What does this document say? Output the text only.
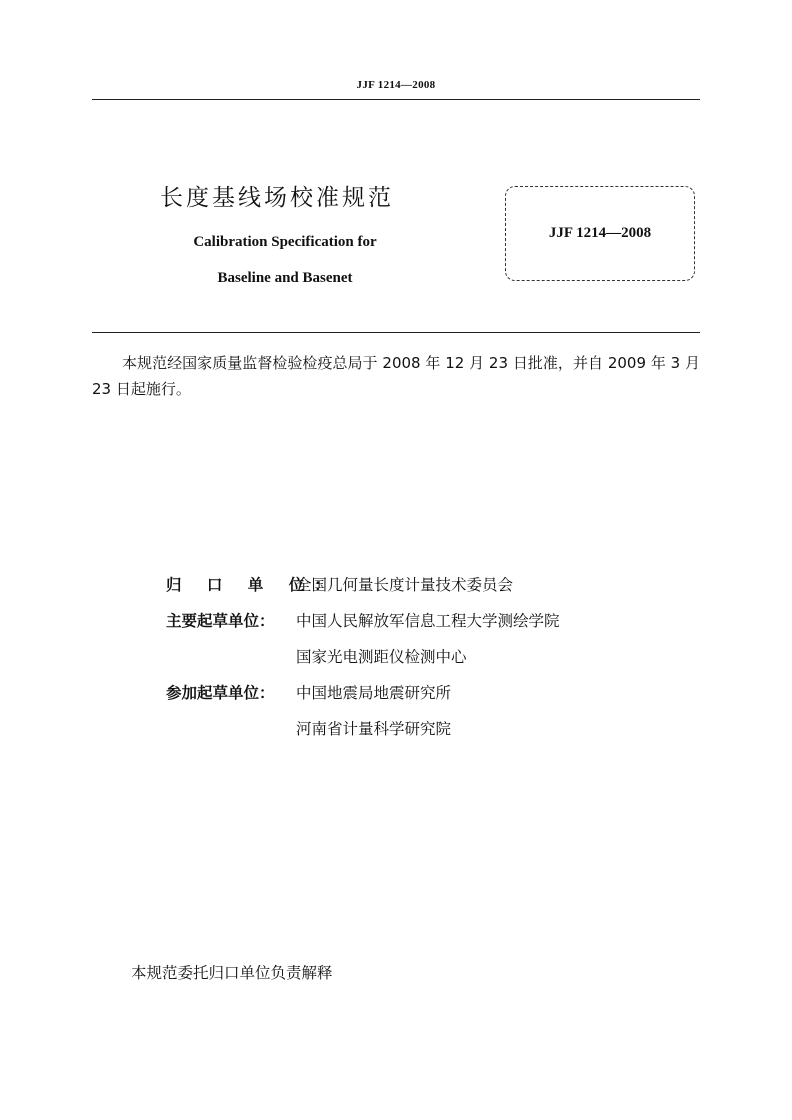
JJF 1214—2008
长度基线场校准规范
Calibration Specification for
Baseline and Basenet
JJF 1214—2008
本规范经国家质量监督检验检疫总局于 2008 年 12 月 23 日批准，并自 2009 年 3 月 23 日起施行。
归 口 单 位：
全国几何量长度计量技术委员会
主要起草单位：	中国人民解放军信息工程大学测绘学院
国家光电测距仪检测中心
参加起草单位：	中国地震局地震研究所
河南省计量科学研究院
本规范委托归口单位负责解释
